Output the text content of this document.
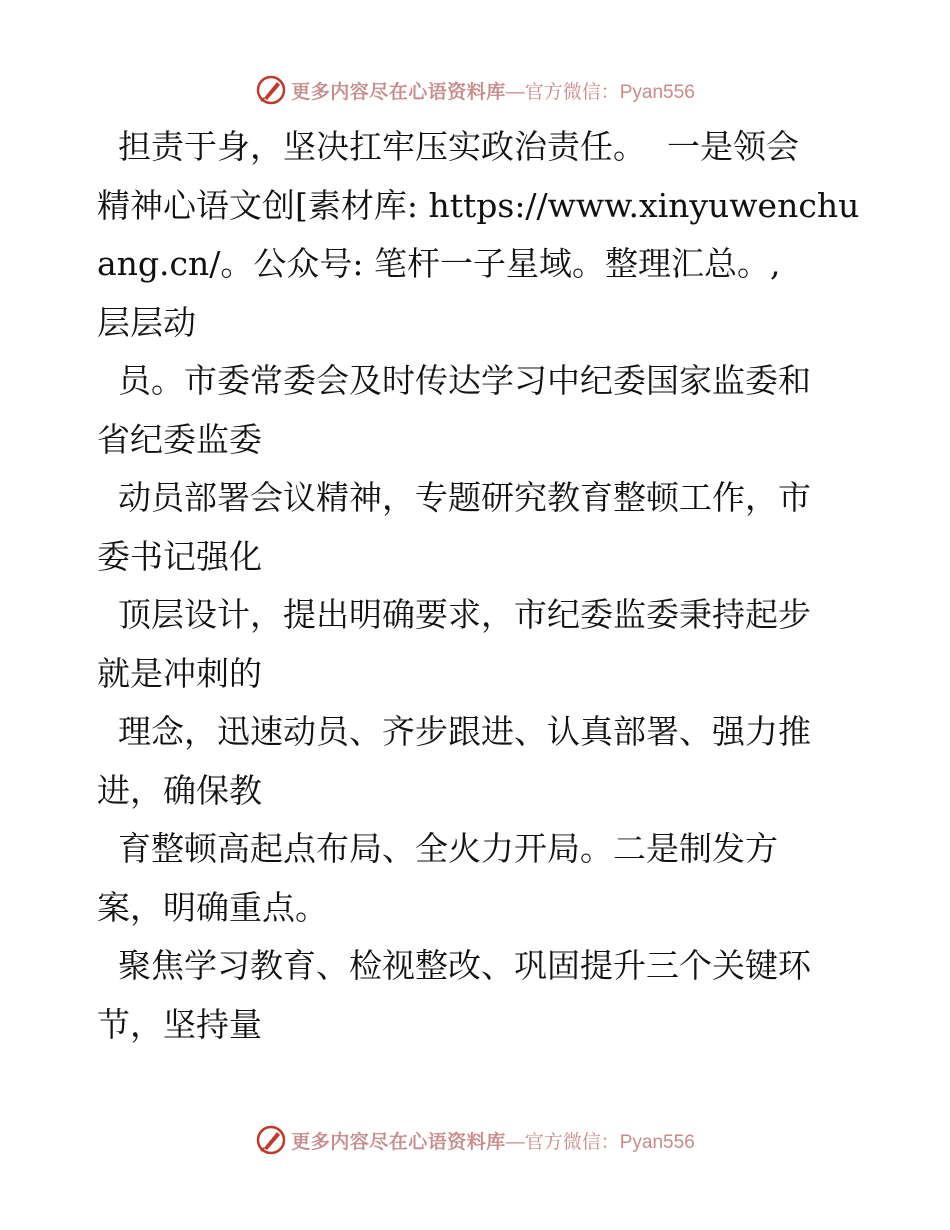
更多内容尽在心语资料库 —官方微信：Pyan556
担责于身，坚决扛牢压实政治责任。  一是领会
精神心语文创[素材库: https://www.xinyuwenchu
ang.cn/。公众号: 笔杆一子星域。整理汇总。,
层层动
员。市委常委会及时传达学习中纪委国家监委和
省纪委监委
动员部署会议精神，专题研究教育整顿工作，市
委书记强化
顶层设计，提出明确要求，市纪委监委秉持起步
就是冲刺的
理念，迅速动员、齐步跟进、认真部署、强力推
进，确保教
育整顿高起点布局、全火力开局。二是制发方
案，明确重点。
聚焦学习教育、检视整改、巩固提升三个关键环
节，坚持量
更多内容尽在心语资料库 —官方微信：Pyan556
